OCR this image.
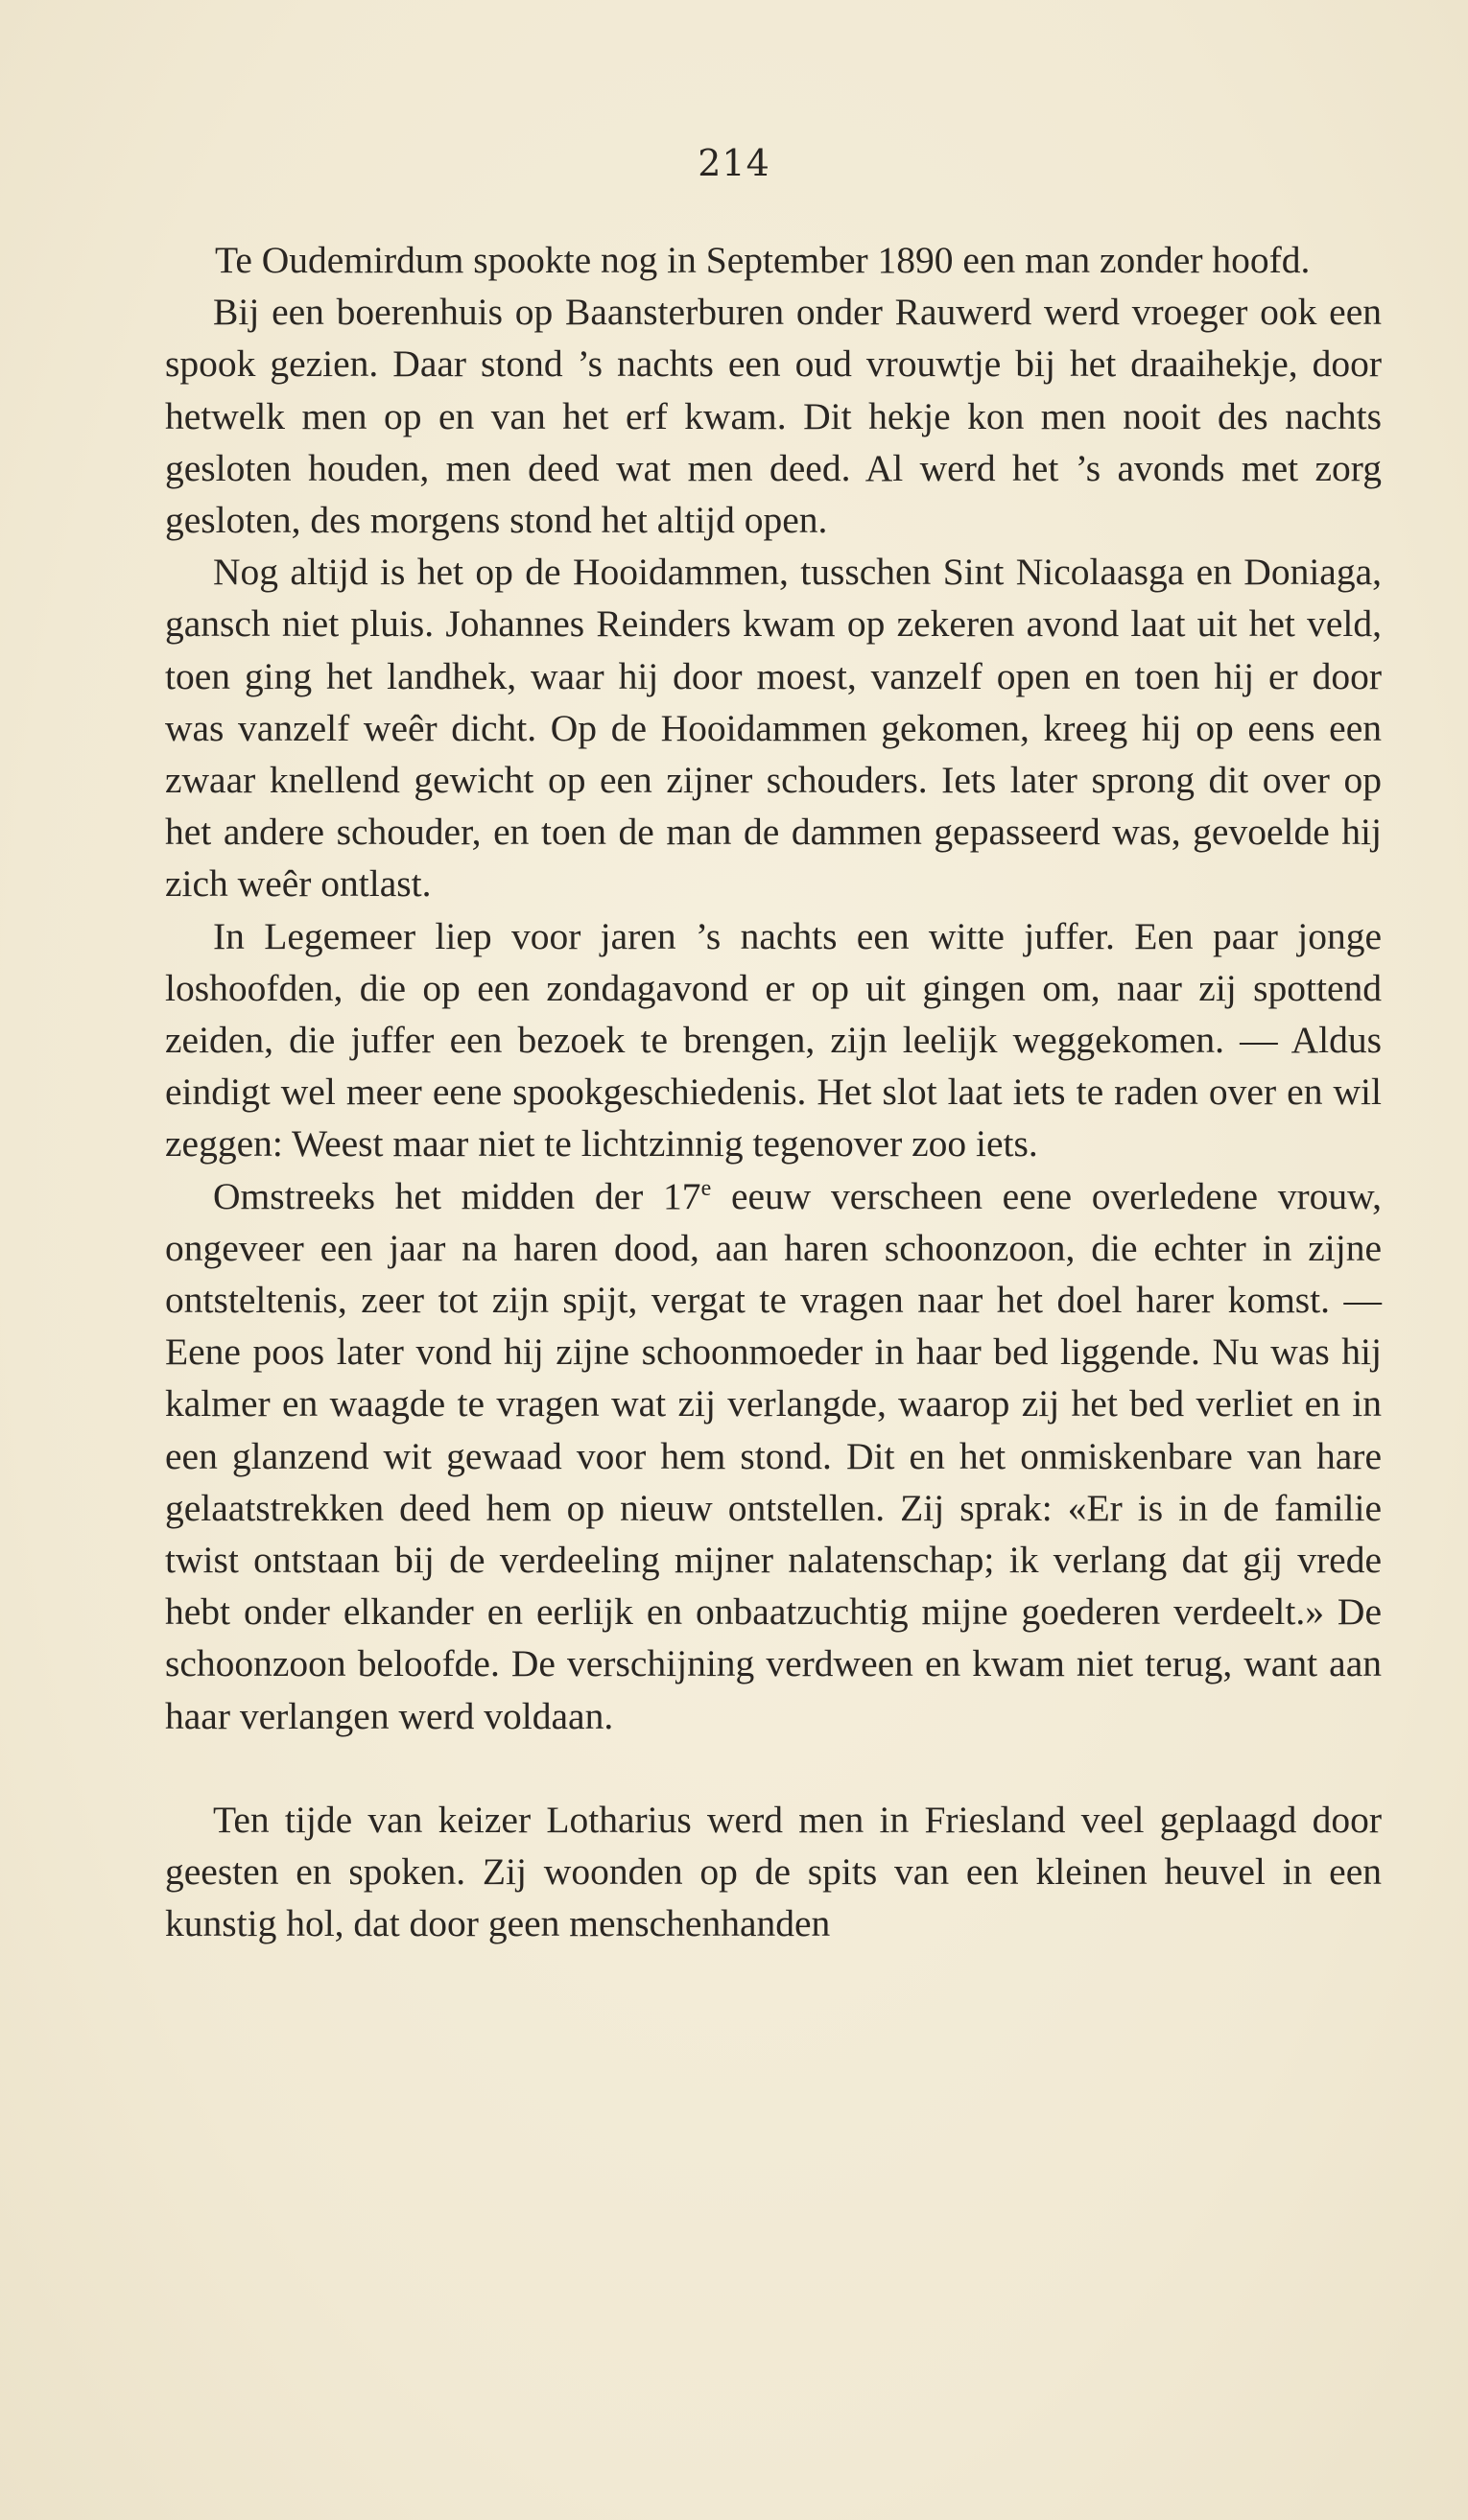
214

Te Oudemirdum spookte nog in September 1890 een man zonder hoofd.

Bij een boerenhuis op Baansterburen onder Rauwerd werd vroeger ook een spook gezien. Daar stond ’s nachts een oud vrouwtje bij het draaihekje, door hetwelk men op en van het erf kwam. Dit hekje kon men nooit des nachts gesloten houden, men deed wat men deed. Al werd het ’s avonds met zorg gesloten, des morgens stond het altijd open.

Nog altijd is het op de Hooidammen, tusschen Sint Nicolaasga en Doniaga, gansch niet pluis. Johannes Reinders kwam op zekeren avond laat uit het veld, toen ging het landhek, waar hij door moest, vanzelf open en toen hij er door was vanzelf weêr dicht. Op de Hooidammen gekomen, kreeg hij op eens een zwaar knellend gewicht op een zijner schouders. Iets later sprong dit over op het andere schouder, en toen de man de dammen gepasseerd was, gevoelde hij zich weêr ontlast.

In Legemeer liep voor jaren ’s nachts een witte juffer. Een paar jonge loshoofden, die op een zondagavond er op uit gingen om, naar zij spottend zeiden, die juffer een bezoek te brengen, zijn leelijk weggekomen. — Aldus eindigt wel meer eene spookgeschiedenis. Het slot laat iets te raden over en wil zeggen: Weest maar niet te lichtzinnig tegenover zoo iets.

Omstreeks het midden der 17e eeuw verscheen eene overledene vrouw, ongeveer een jaar na haren dood, aan haren schoonzoon, die echter in zijne ontsteltenis, zeer tot zijn spijt, vergat te vragen naar het doel harer komst. — Eene poos later vond hij zijne schoonmoeder in haar bed liggende. Nu was hij kalmer en waagde te vragen wat zij verlangde, waarop zij het bed verliet en in een glanzend wit gewaad voor hem stond. Dit en het onmiskenbare van hare gelaatstrekken deed hem op nieuw ontstellen. Zij sprak: «Er is in de familie twist ontstaan bij de verdeeling mijner nalatenschap; ik verlang dat gij vrede hebt onder elkander en eerlijk en onbaatzuchtig mijne goederen verdeelt.» De schoonzoon beloofde. De verschijning verdween en kwam niet terug, want aan haar verlangen werd voldaan.

Ten tijde van keizer Lotharius werd men in Friesland veel geplaagd door geesten en spoken. Zij woonden op de spits van een kleinen heuvel in een kunstig hol, dat door geen menschenhanden
